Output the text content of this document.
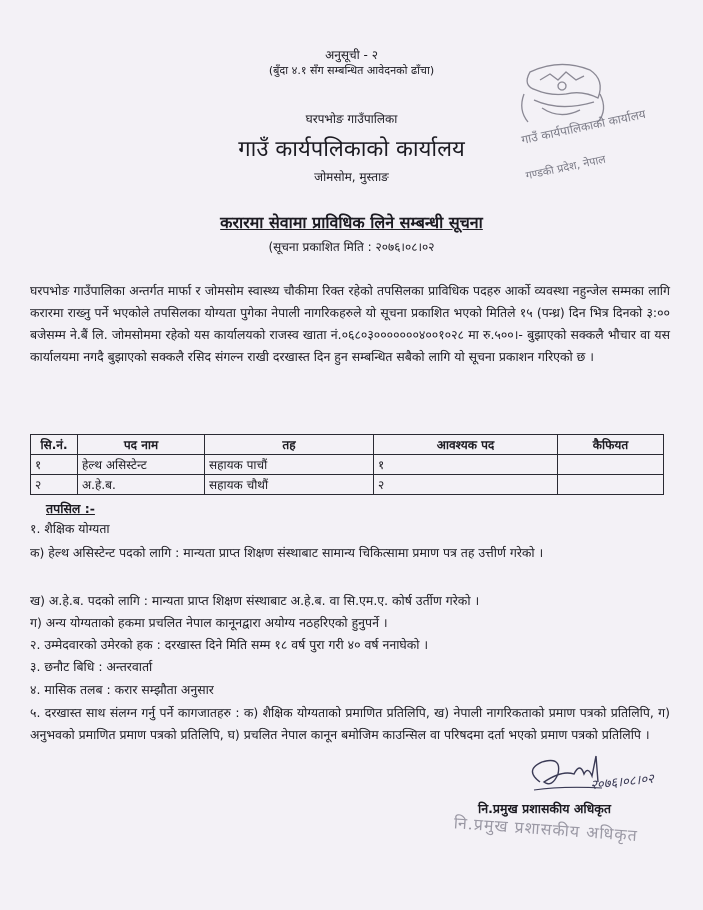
अनुसूची - २

(बुँदा ४.१ सँग सम्बन्धित आवेदनको ढाँचा)

घरपभोङ गाउँपालिका

गाउँ कार्यपलिकाको कार्यालय

जोमसोम, मुस्ताङ

गाउँ कार्यपालिकाको कार्यालय

गण्डकी प्रदेश, नेपाल

करारमा सेवामा प्राविधिक लिने सम्बन्धी सूचना

(सूचना प्रकाशित मिति : २०७६।०८।०२

घरपभोङ गाउँपालिका अन्तर्गत मार्फा र जोमसोम स्वास्थ्य चौकीमा रिक्त रहेको तपसिलका प्राविधिक पदहरु आर्को व्यवस्था नहुन्जेल सम्मका लागि करारमा राख्नु पर्ने भएकोले तपसिलका योग्यता पुगेका नेपाली नागरिकहरुले यो सूचना प्रकाशित भएको मितिले १५ (पन्ध्र) दिन भित्र दिनको ३:०० बजेसम्म ने.बैं लि. जोमसोममा रहेको यस कार्यालयको राजस्व खाता नं.०६८०३०००००००४००१०२८ मा रु.५००।- बुझाएको सक्कलै भौचार वा यस कार्यालयमा नगदै बुझाएको सक्कलै रसिद संगल्न राखी दरखास्त दिन हुन सम्बन्धित सबैको लागि यो सूचना प्रकाशन गरिएको छ ।

सि.नं.	पद नाम	तह	आवश्यक पद	कैफियत
१	हेल्थ असिस्टेन्ट	सहायक पाचौं	१	
२	अ.हे.ब.	सहायक चौथौं	२	

तपसिल :-

१. शैक्षिक योग्यता

क) हेल्थ असिस्टेन्ट पदको लागि : मान्यता प्राप्त शिक्षण संस्थाबाट सामान्य चिकित्सामा प्रमाण पत्र तह उत्तीर्ण गरेको ।

ख) अ.हे.ब. पदको लागि : मान्यता प्राप्त शिक्षण संस्थाबाट अ.हे.ब. वा सि.एम.ए. कोर्ष उर्तीण गरेको ।

ग) अन्य योग्यताको हकमा प्रचलित नेपाल कानूनद्वारा अयोग्य नठहरिएको हुनुपर्ने ।

२. उम्मेदवारको उमेरको हक : दरखास्त दिने मिति सम्म १८ वर्ष पुरा गरी ४० वर्ष ननाघेको ।

३. छनौट बिधि : अन्तरवार्ता

४. मासिक तलब : करार सम्झौता अनुसार

५. दरखास्त साथ संलग्न गर्नु पर्ने कागजातहरु : क) शैक्षिक योग्यताको प्रमाणित प्रतिलिपि, ख) नेपाली नागरिकताको प्रमाण पत्रको प्रतिलिपि, ग) अनुभवको प्रमाणित प्रमाण पत्रको प्रतिलिपि, घ) प्रचलित नेपाल कानून बमोजिम काउन्सिल वा परिषदमा दर्ता भएको प्रमाण पत्रको प्रतिलिपि ।

२०७६।०८।०२

नि.प्रमुख प्रशासकीय अधिकृत

नि.प्रमुख प्रशासकीय अधिकृत
